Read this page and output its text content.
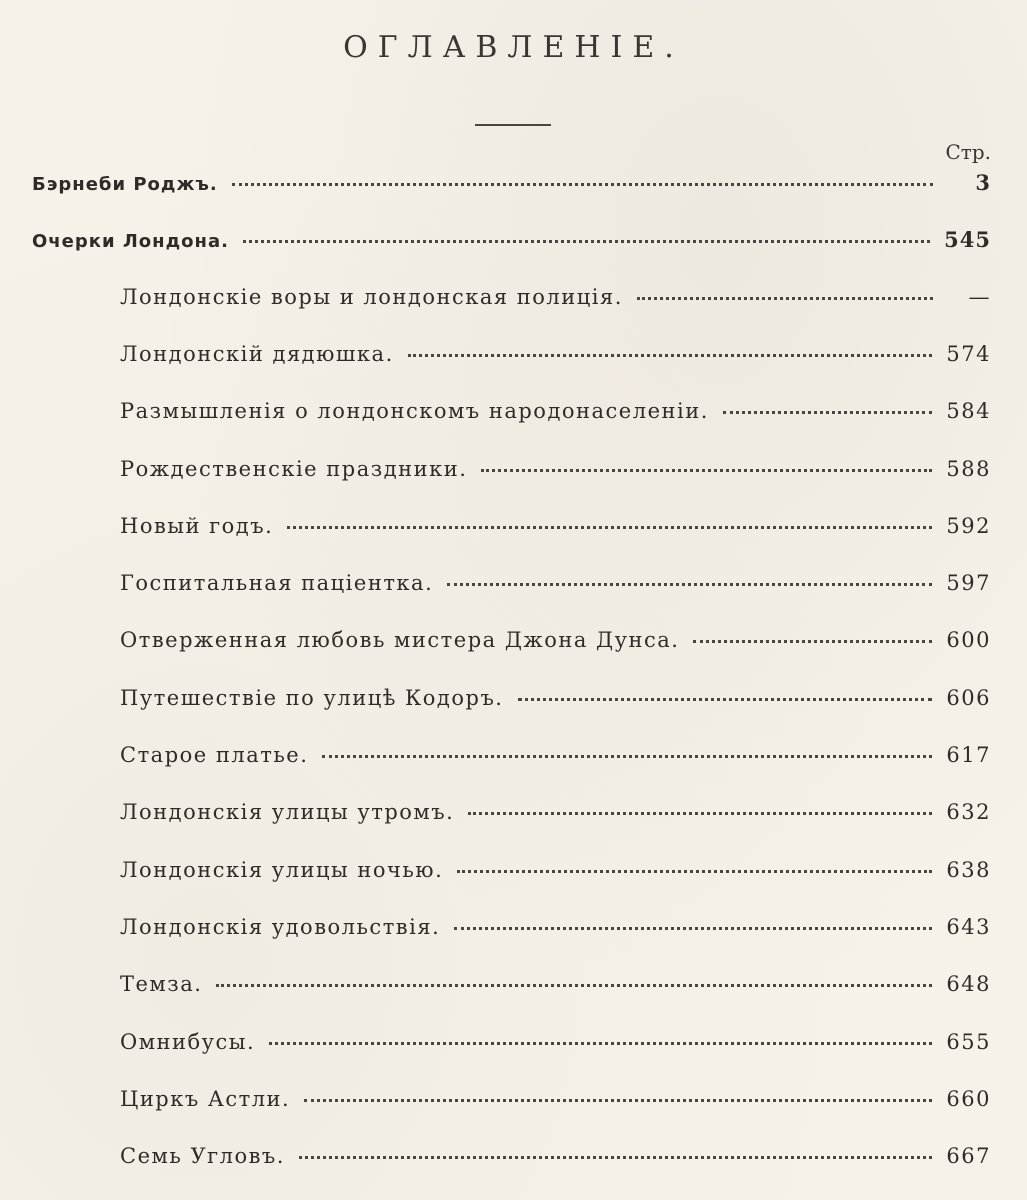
ОГЛАВЛЕНІЕ.
Стр.
Бэрнеби Роджъ.	3
Очерки Лондона.	545
Лондонскіе воры и лондонская полиція.	—
Лондонскій дядюшка.	574
Размышленія о лондонскомъ народонаселеніи.	584
Рождественскіе праздники.	588
Новый годъ.	592
Госпитальная паціентка.	597
Отверженная любовь мистера Джона Дунса.	600
Путешествіе по улицѣ Кодоръ.	606
Старое платье.	617
Лондонскія улицы утромъ.	632
Лондонскія улицы ночью.	638
Лондонскія удовольствія.	643
Темза.	648
Омнибусы.	655
Циркъ Астли.	660
Семь Угловъ.	667
